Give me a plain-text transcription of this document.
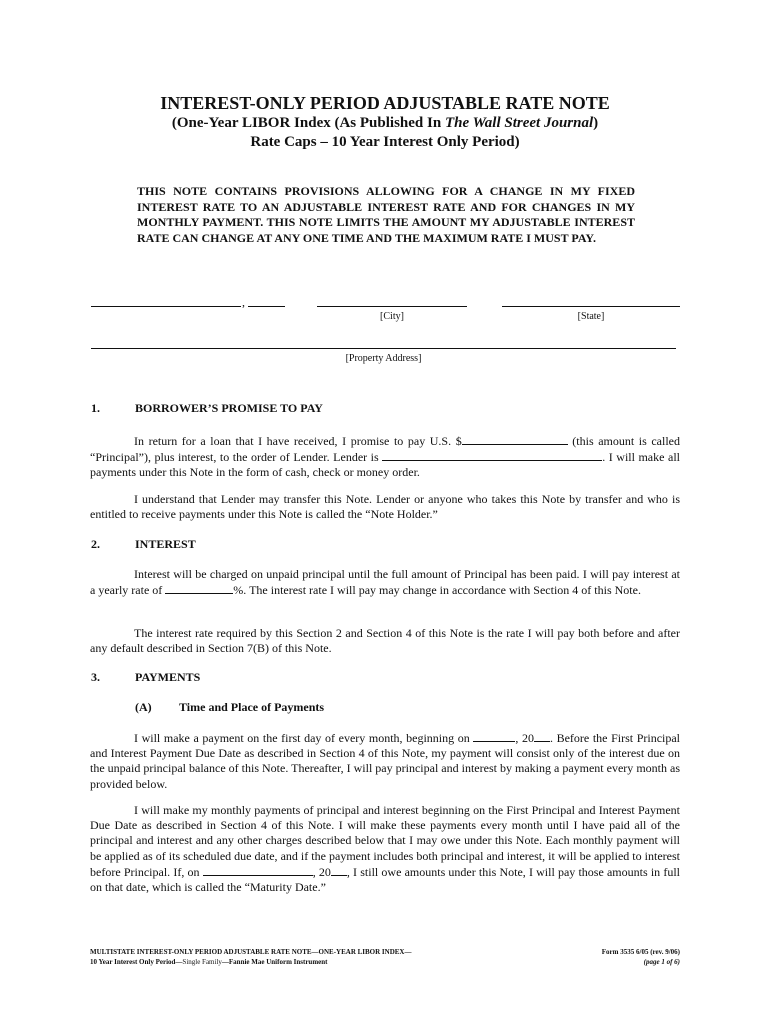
INTEREST-ONLY PERIOD ADJUSTABLE RATE NOTE
(One-Year LIBOR Index (As Published In The Wall Street Journal)
Rate Caps – 10 Year Interest Only Period)
THIS NOTE CONTAINS PROVISIONS ALLOWING FOR A CHANGE IN MY FIXED INTEREST RATE TO AN ADJUSTABLE INTEREST RATE AND FOR CHANGES IN MY MONTHLY PAYMENT. THIS NOTE LIMITS THE AMOUNT MY ADJUSTABLE INTEREST RATE CAN CHANGE AT ANY ONE TIME AND THE MAXIMUM RATE I MUST PAY.
,
[City]	[State]
[Property Address]
1.	BORROWER’S PROMISE TO PAY
In return for a loan that I have received, I promise to pay U.S. $	(this amount is called “Principal”), plus interest, to the order of Lender. Lender is	. I will make all payments under this Note in the form of cash, check or money order.
I understand that Lender may transfer this Note. Lender or anyone who takes this Note by transfer and who is entitled to receive payments under this Note is called the “Note Holder.”
2.	INTEREST
Interest will be charged on unpaid principal until the full amount of Principal has been paid. I will pay interest at a yearly rate of	%. The interest rate I will pay may change in accordance with Section 4 of this Note.
The interest rate required by this Section 2 and Section 4 of this Note is the rate I will pay both before and after any default described in Section 7(B) of this Note.
3.	PAYMENTS
(A) Time and Place of Payments
I will make a payment on the first day of every month, beginning on	, 20 . Before the First Principal and Interest Payment Due Date as described in Section 4 of this Note, my payment will consist only of the interest due on the unpaid principal balance of this Note. Thereafter, I will pay principal and interest by making a payment every month as provided below.
I will make my monthly payments of principal and interest beginning on the First Principal and Interest Payment Due Date as described in Section 4 of this Note. I will make these payments every month until I have paid all of the principal and interest and any other charges described below that I may owe under this Note. Each monthly payment will be applied as of its scheduled due date, and if the payment includes both principal and interest, it will be applied to interest before Principal. If, on	, 20 , I still owe amounts under this Note, I will pay those amounts in full on that date, which is called the “Maturity Date.”
MULTISTATE INTEREST-ONLY PERIOD ADJUSTABLE RATE NOTE—ONE-YEAR LIBOR INDEX—
10 Year Interest Only Period—Single Family—Fannie Mae Uniform Instrument
Form 3535 6/05 (rev. 9/06)
(page 1 of 6)
